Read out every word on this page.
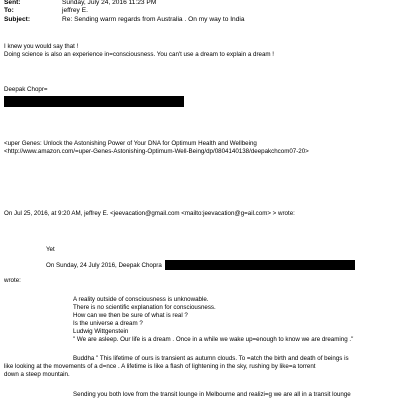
Sent:	Sunday, July 24, 2016 11:23 PM
To:	jeffrey E.
Subject:	Re: Sending warm regards from Australia . On my way to India
I knew you would say that !
Doing science is also an experience in=consciousness. You can't use a dream to explain a dream !
Deepak Chopr=
<uper Genes: Unlock the Astonishing Power of Your DNA for Optimum Health and Wellbeing
<http://www.amazon.com/=uper-Genes-Astonishing-Optimum-Well-Being/dp/0804140138/deepakchcom07-20>
On Jul 25, 2016, at 9:20 AM, jeffrey E. <jeevacation@gmail.com <mailto:jeevacation@g=ail.com> > wrote:
Yet
On Sunday, 24 July 2016, Deepak Chopra
wrote:
A reality outside of consciousness is unknowable.
There is no scientific explanation for consciousness.
How can we then be sure of what is real ?
Is the universe a dream ?
Ludwig Wittgenstein
" We are asleep. Our life is a dream . Once in a while we wake up=enough to know we are dreaming ."
Buddha " This lifetime of ours is transient as autumn clouds. To =atch the birth and death of beings is
like looking at the movements of a d=nce . A lifetime is like a flash of lightening in the sky, rushing by like=a torrent
down a steep mountain.
Sending you both love from the transit lounge in Melbourne and realizi=g we are all in a transit lounge
